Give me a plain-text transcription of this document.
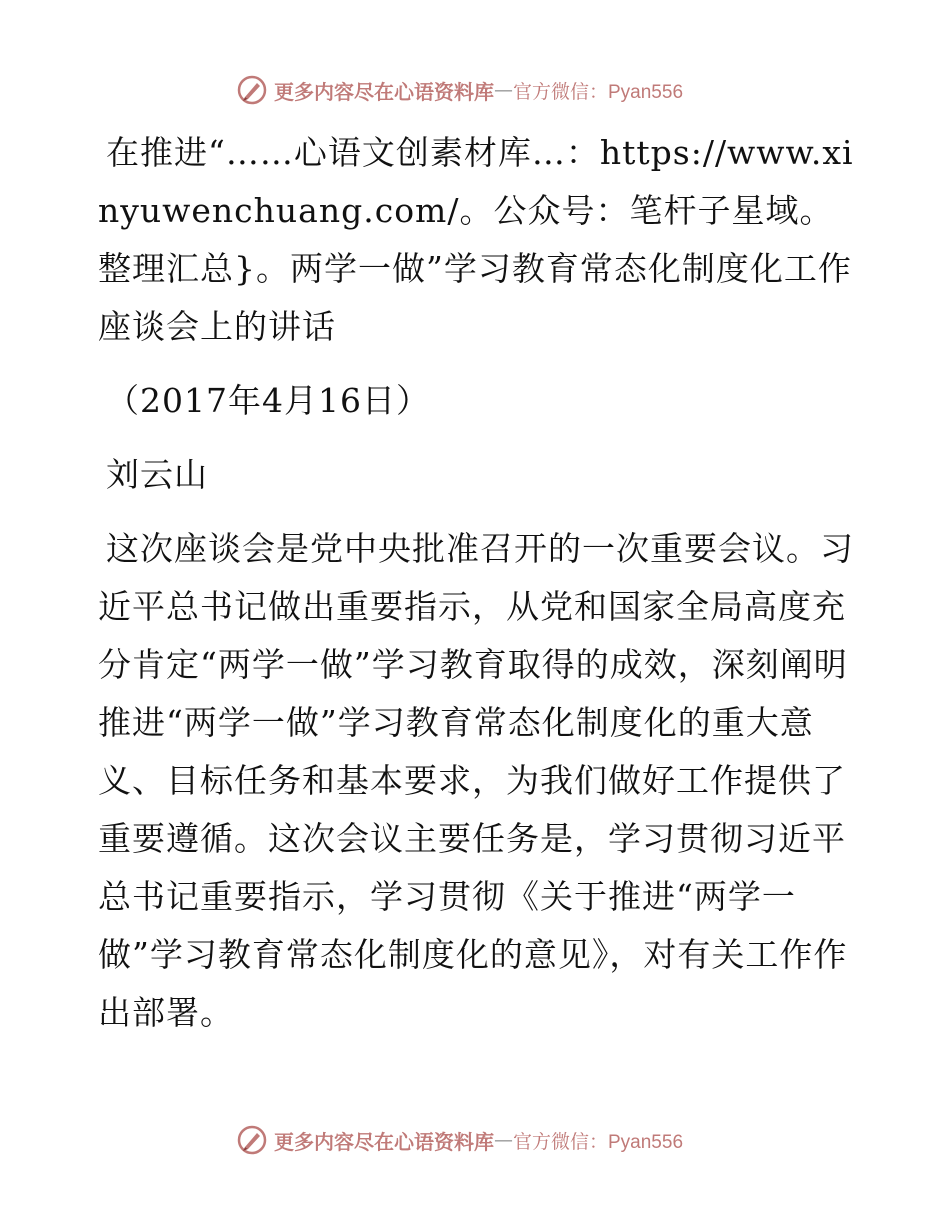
更多内容尽在心语资料库 — 官方微信：Pyan556

在推进“……心语文创素材库…：https://www.xinyuwenchuang.com/。公众号：笔杆子星域。整理汇总}。两学一做”学习教育常态化制度化工作座谈会上的讲话

（2017年4月16日）

刘云山

这次座谈会是党中央批准召开的一次重要会议。习近平总书记做出重要指示，从党和国家全局高度充分肯定“两学一做”学习教育取得的成效，深刻阐明推进“两学一做”学习教育常态化制度化的重大意义、目标任务和基本要求，为我们做好工作提供了重要遵循。这次会议主要任务是，学习贯彻习近平总书记重要指示，学习贯彻《关于推进“两学一做”学习教育常态化制度化的意见》，对有关工作作出部署。

更多内容尽在心语资料库 — 官方微信：Pyan556
